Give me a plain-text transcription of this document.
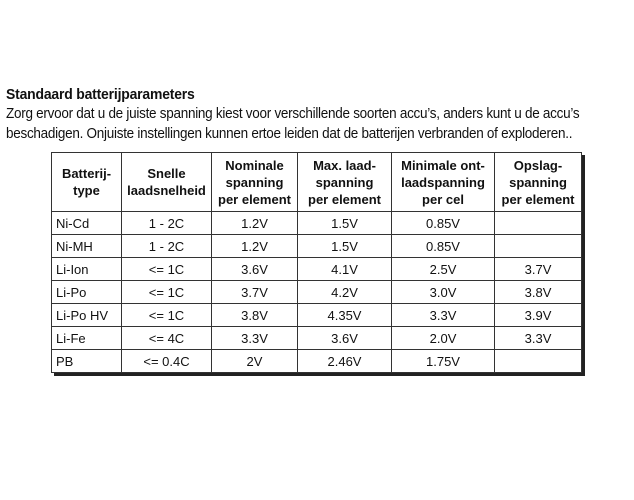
Standaard batterijparameters

Zorg ervoor dat u de juiste spanning kiest voor verschillende soorten accu’s, anders kunt u de accu’s

beschadigen. Onjuiste instellingen kunnen ertoe leiden dat de batterijen verbranden of exploderen..

Batterij-
type	Snelle
laadsnelheid	Nominale
spanning
per element	Max. laad-
spanning
per element	Minimale ont-
laadspanning
per cel	Opslag-
spanning
per element
Ni-Cd	1 - 2C	1.2V	1.5V	0.85V	
Ni-MH	1 - 2C	1.2V	1.5V	0.85V	
Li-Ion	<= 1C	3.6V	4.1V	2.5V	3.7V
Li-Po	<= 1C	3.7V	4.2V	3.0V	3.8V
Li-Po HV	<= 1C	3.8V	4.35V	3.3V	3.9V
Li-Fe	<= 4C	3.3V	3.6V	2.0V	3.3V
PB	<= 0.4C	2V	2.46V	1.75V	
